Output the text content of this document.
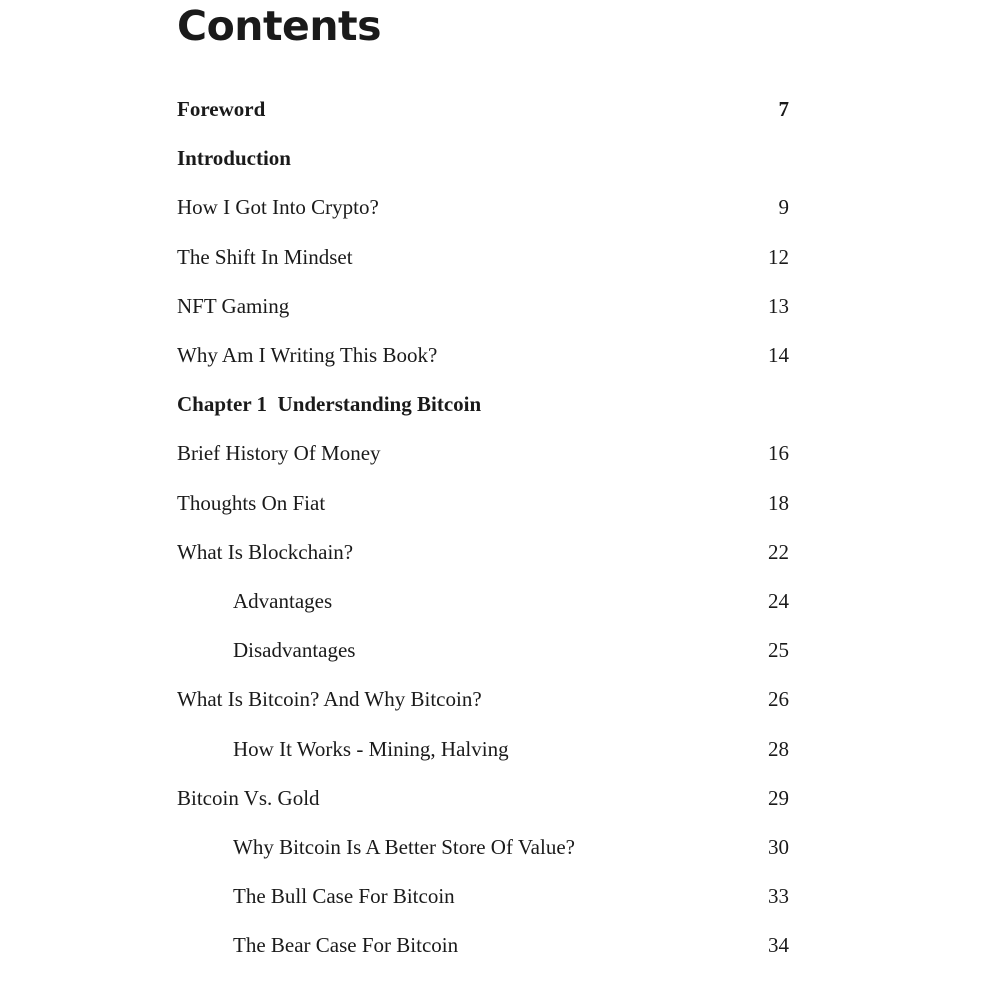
Contents
Foreword	7
Introduction
How I Got Into Crypto?	9
The Shift In Mindset	12
NFT Gaming	13
Why Am I Writing This Book?	14
Chapter 1  Understanding Bitcoin
Brief History Of Money	16
Thoughts On Fiat	18
What Is Blockchain?	22
Advantages	24
Disadvantages	25
What Is Bitcoin? And Why Bitcoin?	26
How It Works - Mining, Halving	28
Bitcoin Vs. Gold	29
Why Bitcoin Is A Better Store Of Value?	30
The Bull Case For Bitcoin	33
The Bear Case For Bitcoin	34
